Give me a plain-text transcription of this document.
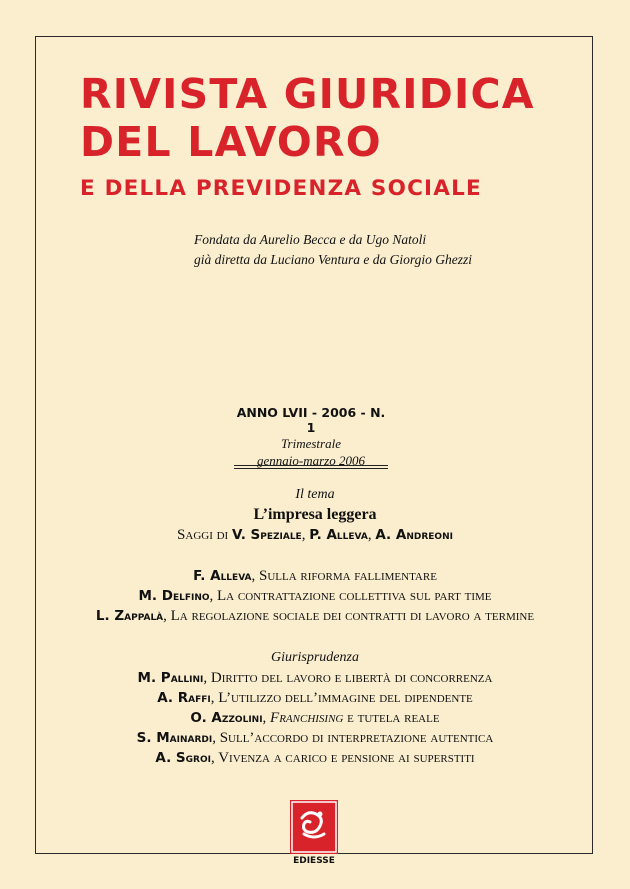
RIVISTA GIURIDICA
DEL LAVORO
E DELLA PREVIDENZA SOCIALE
Fondata da Aurelio Becca e da Ugo Natoli
già diretta da Luciano Ventura e da Giorgio Ghezzi
ANNO LVII - 2006 - N. 1
Trimestrale
gennaio-marzo 2006
Il tema
L’impresa leggera
Saggi di V. Speziale, P. Alleva, A. Andreoni
F. Alleva, Sulla riforma fallimentare
M. Delfino, La contrattazione collettiva sul part time
L. Zappalà, La regolazione sociale dei contratti di lavoro a termine
Giurisprudenza
M. Pallini, Diritto del lavoro e libertà di concorrenza
A. Raffi, L’utilizzo dell’immagine del dipendente
O. Azzolini, Franchising e tutela reale
S. Mainardi, Sull’accordo di interpretazione autentica
A. Sgroi, Vivenza a carico e pensione ai superstiti
EDIESSE
